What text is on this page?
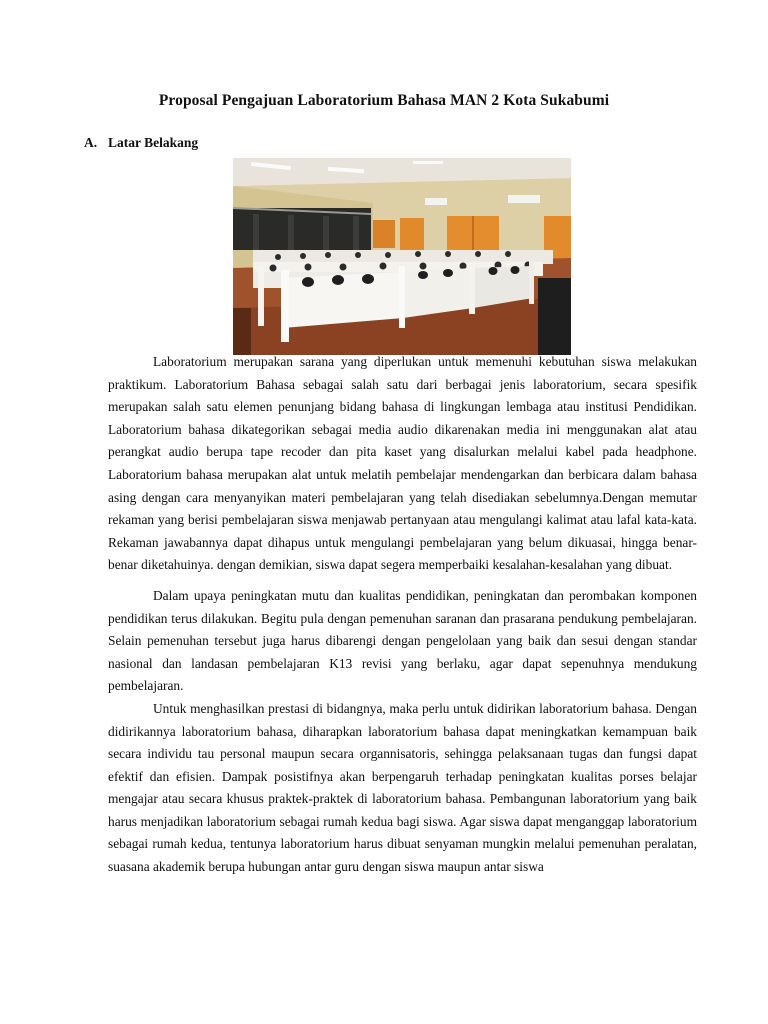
Proposal Pengajuan Laboratorium Bahasa MAN 2 Kota Sukabumi
A. Latar Belakang

Laboratorium merupakan sarana yang diperlukan untuk memenuhi kebutuhan siswa melakukan praktikum. Laboratorium Bahasa sebagai salah satu dari berbagai jenis laboratorium, secara spesifik merupakan salah satu elemen penunjang bidang bahasa di lingkungan lembaga atau institusi Pendidikan. Laboratorium bahasa dikategorikan sebagai media audio dikarenakan media ini menggunakan alat atau perangkat audio berupa tape recoder dan pita kaset yang disalurkan melalui kabel pada headphone. Laboratorium bahasa merupakan alat untuk melatih pembelajar mendengarkan dan berbicara dalam bahasa asing dengan cara menyanyikan materi pembelajaran yang telah disediakan sebelumnya.Dengan memutar rekaman yang berisi pembelajaran siswa menjawab pertanyaan atau mengulangi kalimat atau lafal kata-kata. Rekaman jawabannya dapat dihapus untuk mengulangi pembelajaran yang belum dikuasai, hingga benar-benar diketahuinya. dengan demikian, siswa dapat segera memperbaiki kesalahan-kesalahan yang dibuat.

Dalam upaya peningkatan mutu dan kualitas pendidikan, peningkatan dan perombakan komponen pendidikan terus dilakukan. Begitu pula dengan pemenuhan saranan dan prasarana pendukung pembelajaran. Selain pemenuhan tersebut juga harus dibarengi dengan pengelolaan yang baik dan sesui dengan standar nasional dan landasan pembelajaran K13 revisi yang berlaku, agar dapat sepenuhnya mendukung pembelajaran.

Untuk menghasilkan prestasi di bidangnya, maka perlu untuk didirikan laboratorium bahasa. Dengan didirikannya laboratorium bahasa, diharapkan laboratorium bahasa dapat meningkatkan kemampuan baik secara individu tau personal maupun secara organnisatoris, sehingga pelaksanaan tugas dan fungsi dapat efektif dan efisien. Dampak posistifnya akan berpengaruh terhadap peningkatan kualitas porses belajar mengajar atau secara khusus praktek-praktek di laboratorium bahasa. Pembangunan laboratorium yang baik harus menjadikan laboratorium sebagai rumah kedua bagi siswa. Agar siswa dapat menganggap laboratorium sebagai rumah kedua, tentunya laboratorium harus dibuat senyaman mungkin melalui pemenuhan peralatan, suasana akademik berupa hubungan antar guru dengan siswa maupun antar siswa
